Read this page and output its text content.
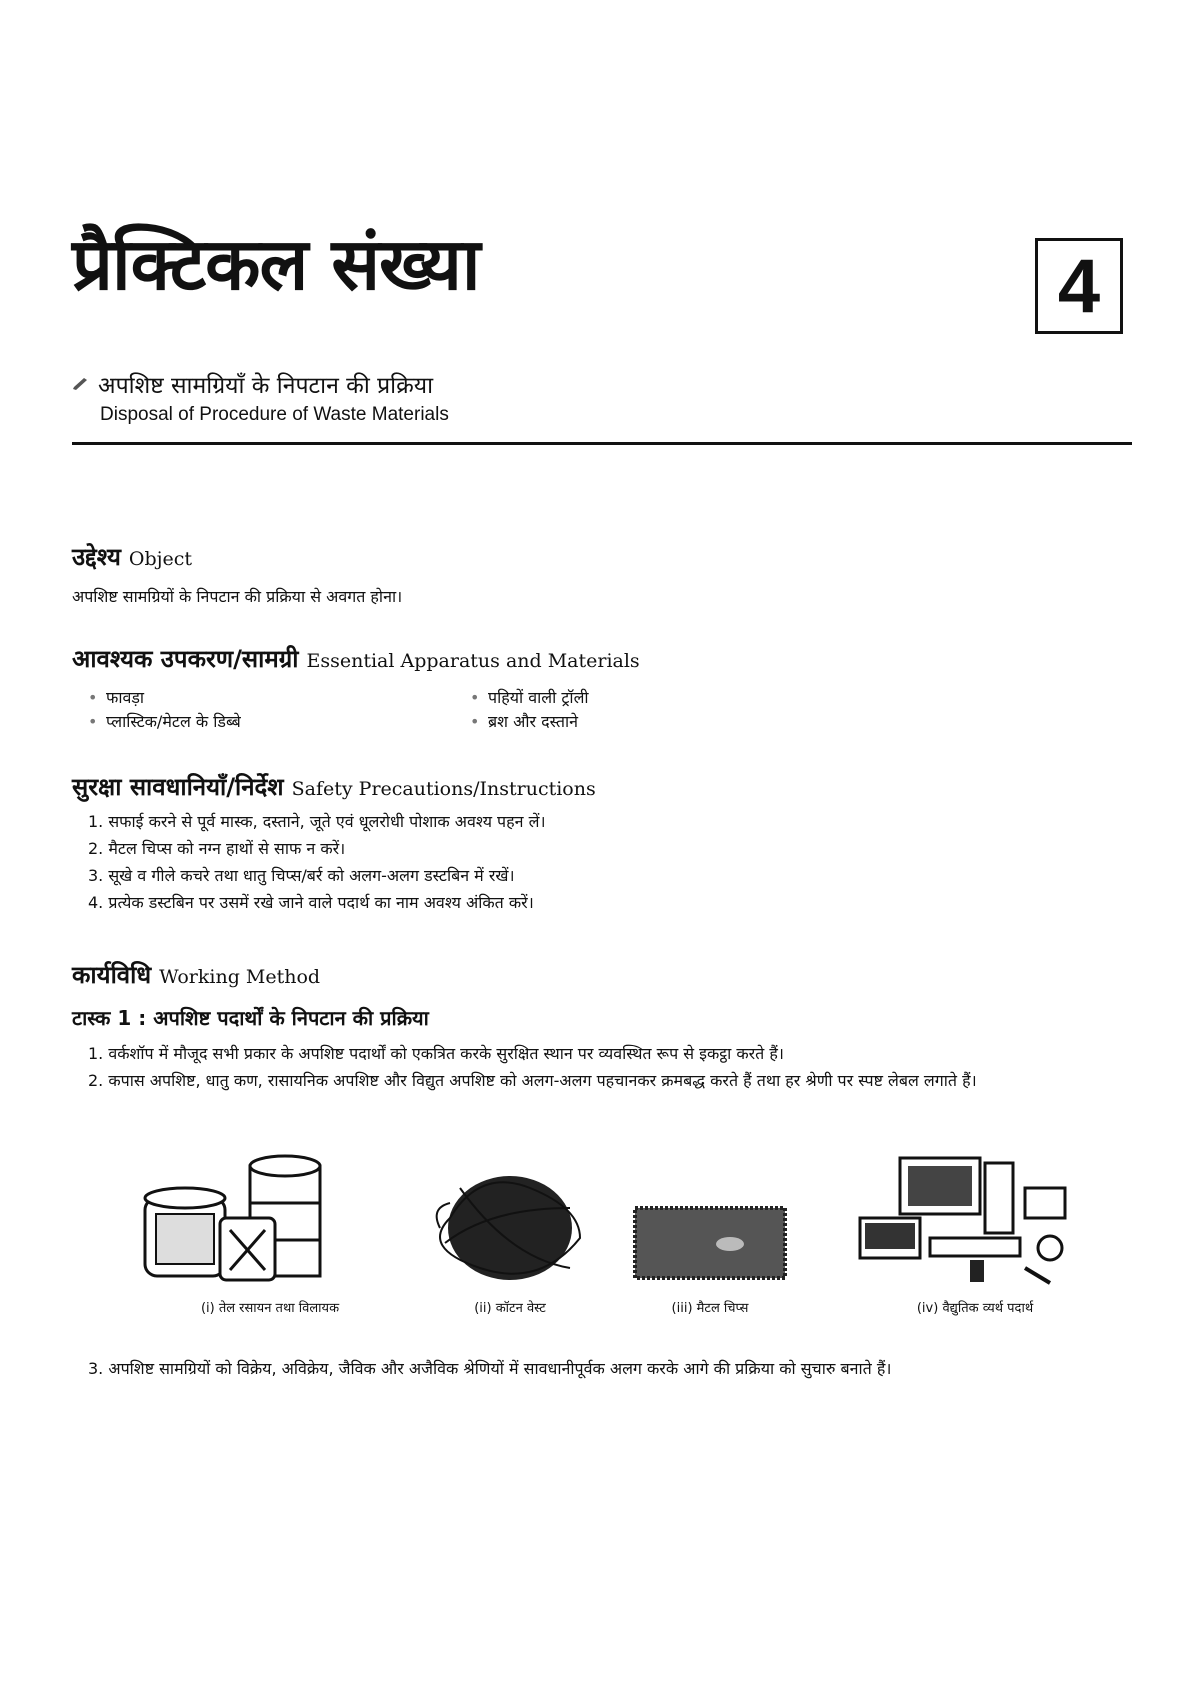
प्रैक्टिकल संख्या	4
अपशिष्ट सामग्रियाँ के निपटान की प्रक्रिया
Disposal of Procedure of Waste Materials
उद्देश्य Object
अपशिष्ट सामग्रियों के निपटान की प्रक्रिया से अवगत होना।
आवश्यक उपकरण/सामग्री Essential Apparatus and Materials
• फावड़ा
• प्लास्टिक/मेटल के डिब्बे
• पहियों वाली ट्रॉली
• ब्रश और दस्ताने
सुरक्षा सावधानियाँ/निर्देश Safety Precautions/Instructions
1. सफाई करने से पूर्व मास्क, दस्ताने, जूते एवं धूलरोधी पोशाक अवश्य पहन लें।
2. मैटल चिप्स को नग्न हाथों से साफ न करें।
3. सूखे व गीले कचरे तथा धातु चिप्स/बर्र को अलग-अलग डस्टबिन में रखें।
4. प्रत्येक डस्टबिन पर उसमें रखे जाने वाले पदार्थ का नाम अवश्य अंकित करें।
कार्यविधि Working Method
टास्क 1 : अपशिष्ट पदार्थों के निपटान की प्रक्रिया
1. वर्कशॉप में मौजूद सभी प्रकार के अपशिष्ट पदार्थों को एकत्रित करके सुरक्षित स्थान पर व्यवस्थित रूप से इकट्ठा करते हैं।
2. कपास अपशिष्ट, धातु कण, रासायनिक अपशिष्ट और विद्युत अपशिष्ट को अलग-अलग पहचानकर क्रमबद्ध करते हैं तथा हर श्रेणी पर स्पष्ट लेबल लगाते हैं।
(i) तेल रसायन तथा विलायक	(ii) कॉटन वेस्ट	(iii) मैटल चिप्स	(iv) वैद्युतिक व्यर्थ पदार्थ
3. अपशिष्ट सामग्रियों को विक्रेय, अविक्रेय, जैविक और अजैविक श्रेणियों में सावधानीपूर्वक अलग करके आगे की प्रक्रिया को सुचारु बनाते हैं।
